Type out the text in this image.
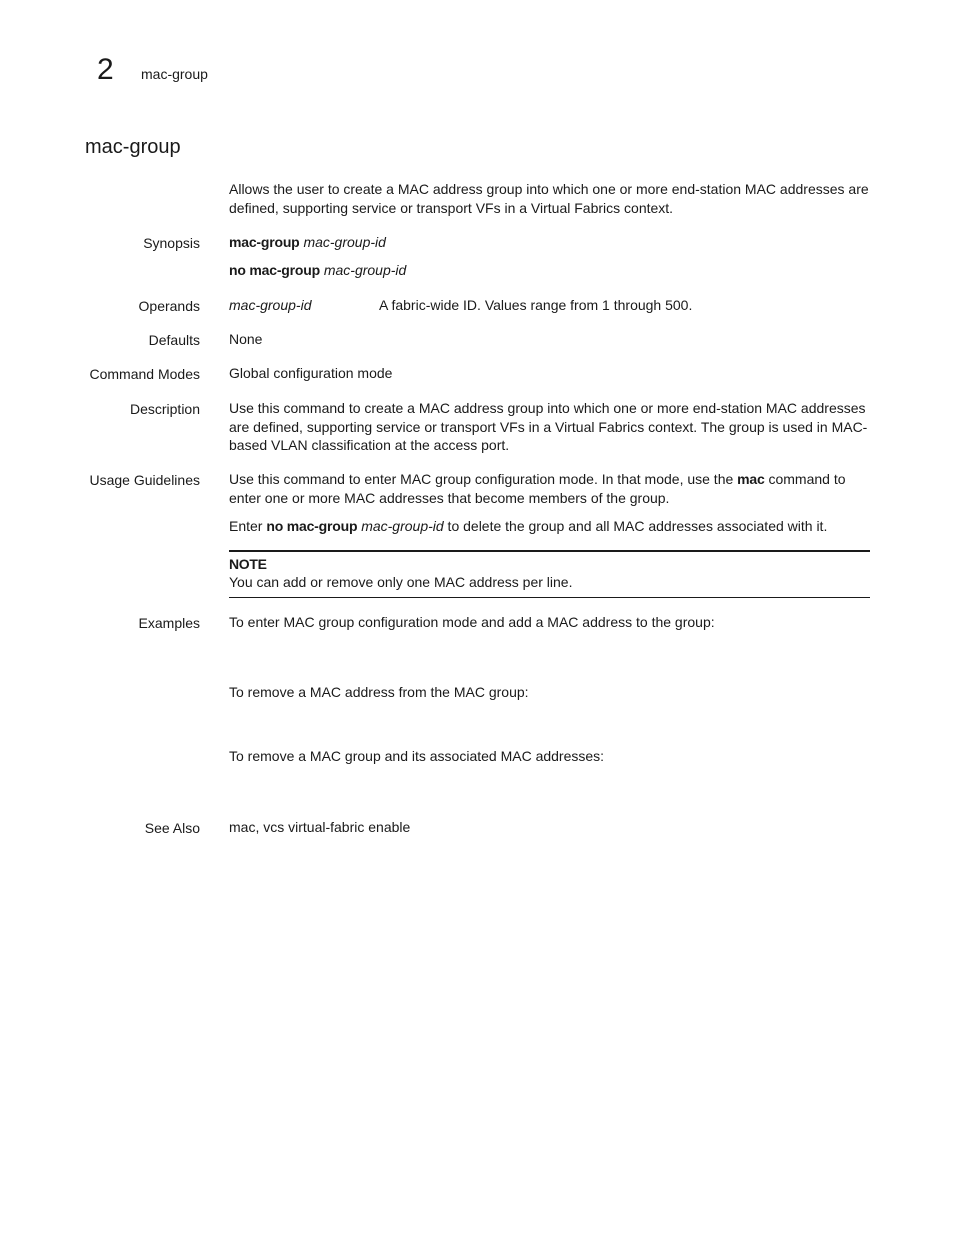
2 mac-group
mac-group
Allows the user to create a MAC address group into which one or more end-station MAC addresses are defined, supporting service or transport VFs in a Virtual Fabrics context.
Synopsis mac-group mac-group-id
no mac-group mac-group-id
Operands mac-group-id	A fabric-wide ID. Values range from 1 through 500.
Defaults None
Command Modes Global configuration mode
Description Use this command to create a MAC address group into which one or more end-station MAC addresses are defined, supporting service or transport VFs in a Virtual Fabrics context. The group is used in MAC-based VLAN classification at the access port.
Usage Guidelines Use this command to enter MAC group configuration mode. In that mode, use the mac command to enter one or more MAC addresses that become members of the group.
Enter no mac-group mac-group-id to delete the group and all MAC addresses associated with it.
NOTE
You can add or remove only one MAC address per line.
Examples To enter MAC group configuration mode and add a MAC address to the group:
To remove a MAC address from the MAC group:
To remove a MAC group and its associated MAC addresses:
See Also mac, vcs virtual-fabric enable
